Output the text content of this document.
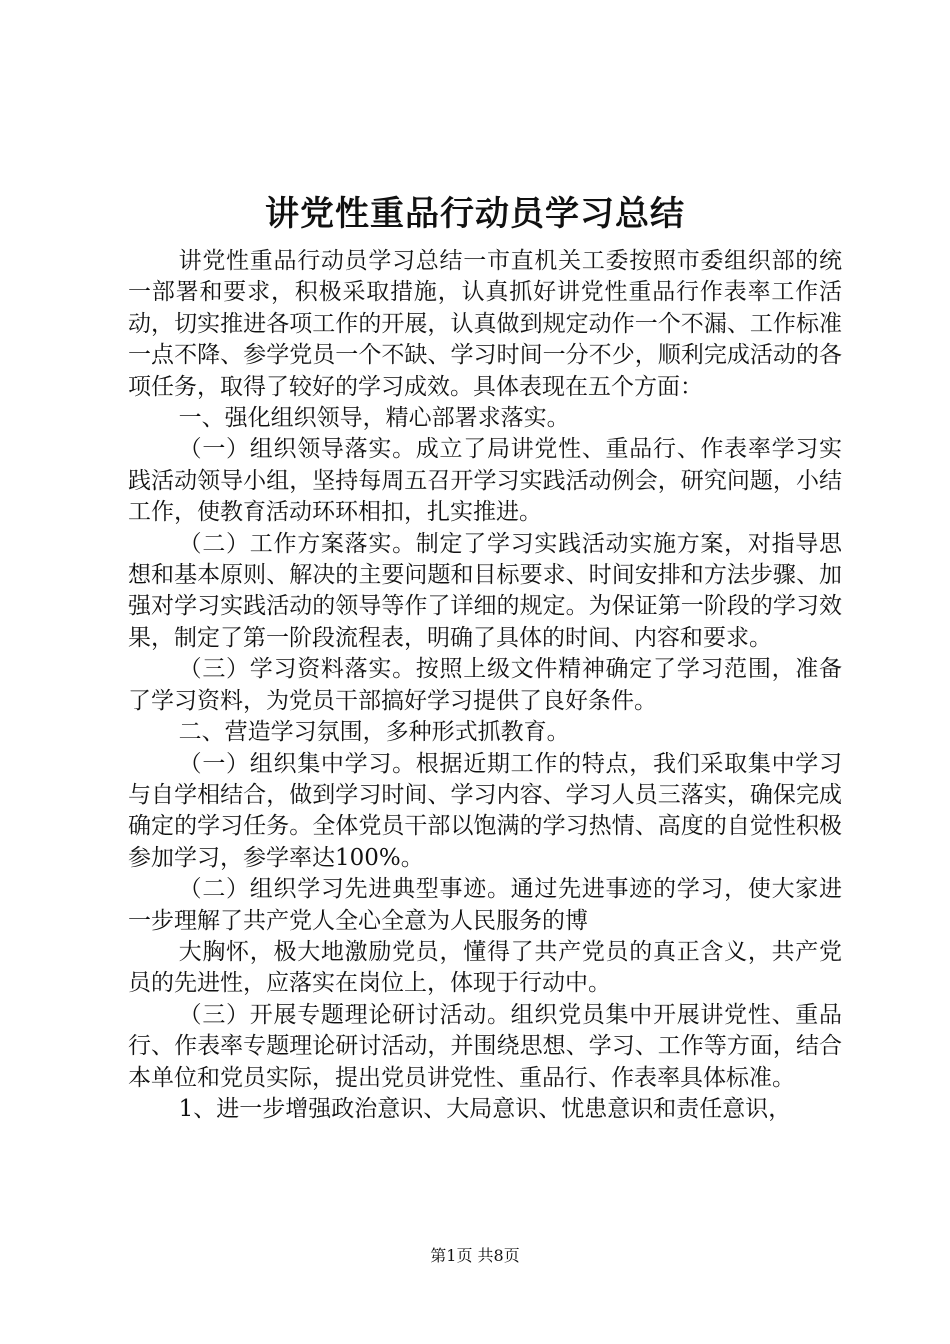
讲党性重品行动员学习总结

讲党性重品行动员学习总结一市直机关工委按照市委组织部的统一部署和要求，积极采取措施，认真抓好讲党性重品行作表率工作活动，切实推进各项工作的开展，认真做到规定动作一个不漏、工作标准一点不降、参学党员一个不缺、学习时间一分不少，顺利完成活动的各项任务，取得了较好的学习成效。具体表现在五个方面：

一、强化组织领导，精心部署求落实。

（一）组织领导落实。成立了局讲党性、重品行、作表率学习实践活动领导小组，坚持每周五召开学习实践活动例会，研究问题，小结工作，使教育活动环环相扣，扎实推进。

（二）工作方案落实。制定了学习实践活动实施方案，对指导思想和基本原则、解决的主要问题和目标要求、时间安排和方法步骤、加强对学习实践活动的领导等作了详细的规定。为保证第一阶段的学习效果，制定了第一阶段流程表，明确了具体的时间、内容和要求。

（三）学习资料落实。按照上级文件精神确定了学习范围，准备了学习资料，为党员干部搞好学习提供了良好条件。

二、营造学习氛围，多种形式抓教育。

（一）组织集中学习。根据近期工作的特点，我们采取集中学习与自学相结合，做到学习时间、学习内容、学习人员三落实，确保完成确定的学习任务。全体党员干部以饱满的学习热情、高度的自觉性积极参加学习，参学率达100%。

（二）组织学习先进典型事迹。通过先进事迹的学习，使大家进一步理解了共产党人全心全意为人民服务的博

大胸怀，极大地激励党员，懂得了共产党员的真正含义，共产党员的先进性，应落实在岗位上，体现于行动中。

（三）开展专题理论研讨活动。组织党员集中开展讲党性、重品行、作表率专题理论研讨活动，并围绕思想、学习、工作等方面，结合本单位和党员实际，提出党员讲党性、重品行、作表率具体标准。

1、进一步增强政治意识、大局意识、忧患意识和责任意识，

第1页 共8页
